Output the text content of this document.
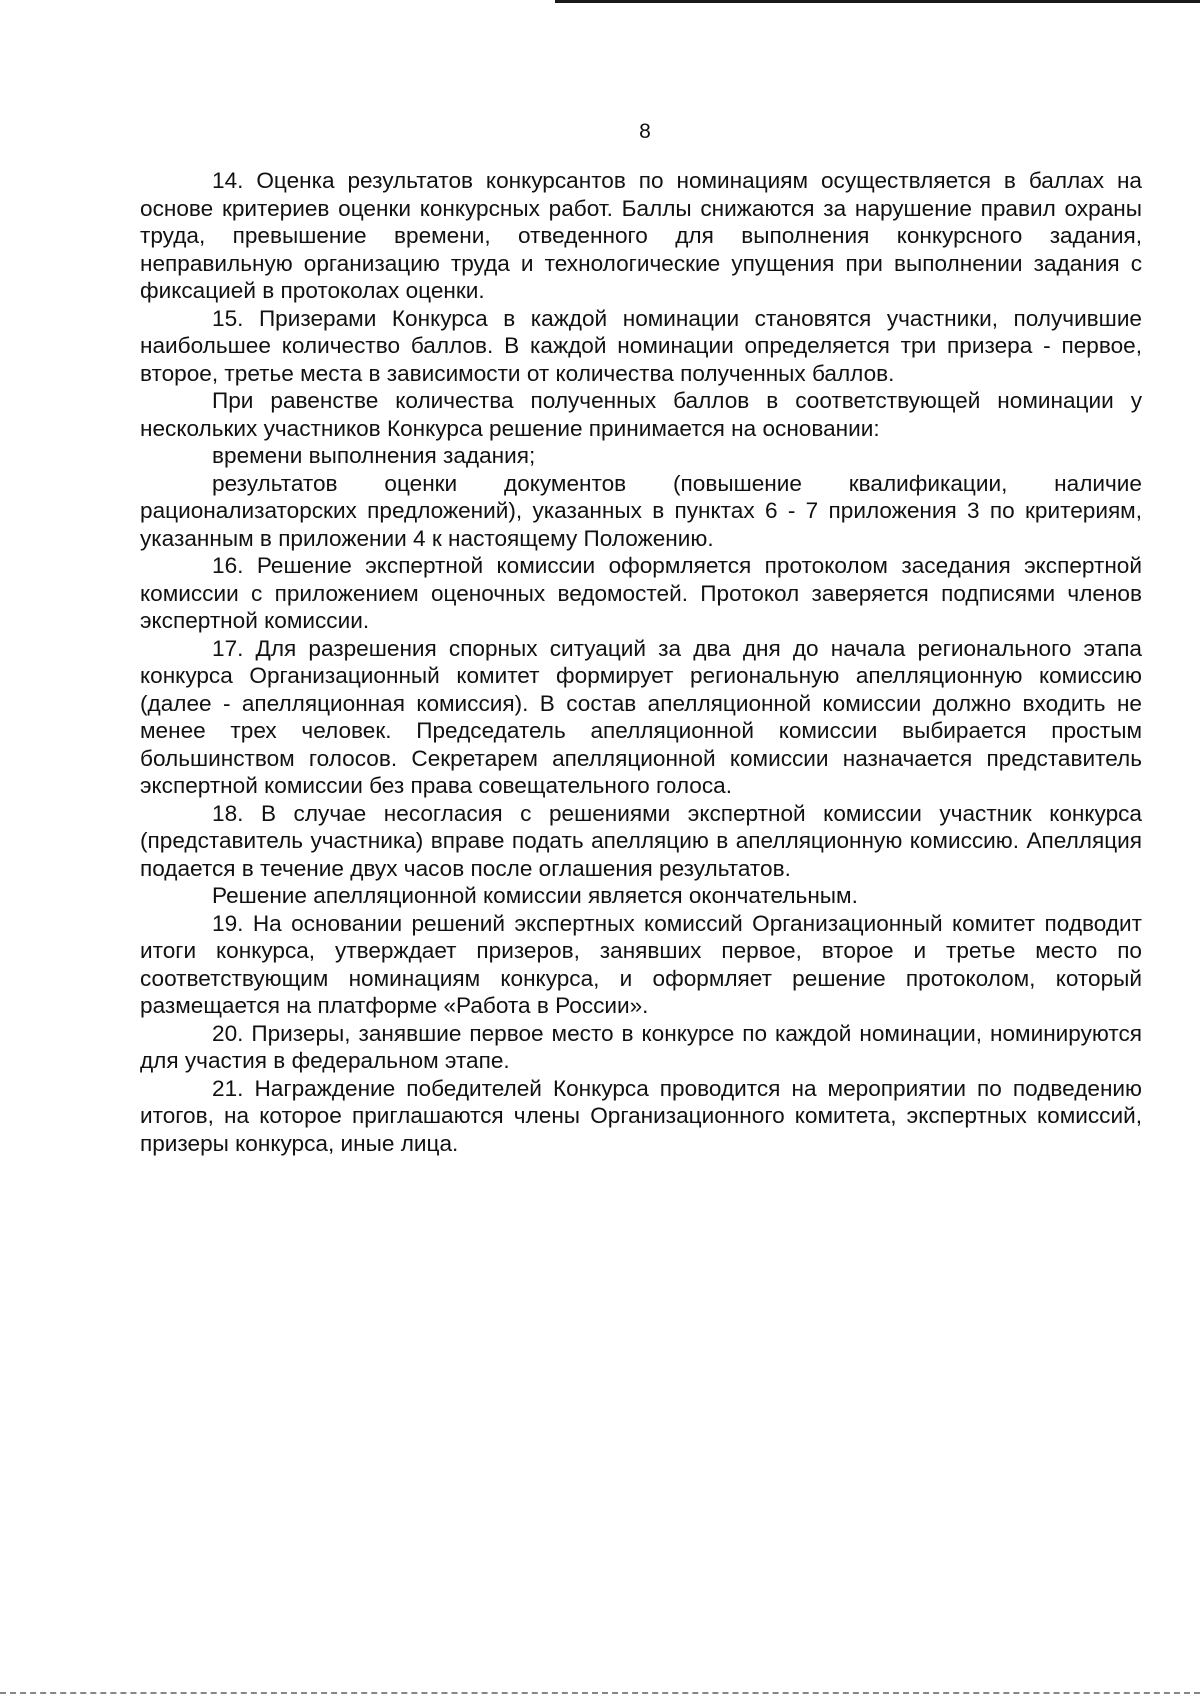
8

14. Оценка результатов конкурсантов по номинациям осуществляется в баллах на основе критериев оценки конкурсных работ. Баллы снижаются за нарушение правил охраны труда, превышение времени, отведенного для выполнения конкурсного задания, неправильную организацию труда и технологические упущения при выполнении задания с фиксацией в протоколах оценки.

15. Призерами Конкурса в каждой номинации становятся участники, получившие наибольшее количество баллов. В каждой номинации определяется три призера - первое, второе, третье места в зависимости от количества полученных баллов.

При равенстве количества полученных баллов в соответствующей номинации у нескольких участников Конкурса решение принимается на основании:

времени выполнения задания;

результатов оценки документов (повышение квалификации, наличие рационализаторских предложений), указанных в пунктах 6 - 7 приложения 3 по критериям, указанным в приложении 4 к настоящему Положению.

16. Решение экспертной комиссии оформляется протоколом заседания экспертной комиссии с приложением оценочных ведомостей. Протокол заверяется подписями членов экспертной комиссии.

17. Для разрешения спорных ситуаций за два дня до начала регионального этапа конкурса Организационный комитет формирует региональную апелляционную комиссию (далее - апелляционная комиссия). В состав апелляционной комиссии должно входить не менее трех человек. Председатель апелляционной комиссии выбирается простым большинством голосов. Секретарем апелляционной комиссии назначается представитель экспертной комиссии без права совещательного голоса.

18. В случае несогласия с решениями экспертной комиссии участник конкурса (представитель участника) вправе подать апелляцию в апелляционную комиссию. Апелляция подается в течение двух часов после оглашения результатов.

Решение апелляционной комиссии является окончательным.

19. На основании решений экспертных комиссий Организационный комитет подводит итоги конкурса, утверждает призеров, занявших первое, второе и третье место по соответствующим номинациям конкурса, и оформляет решение протоколом, который размещается на платформе «Работа в России».

20. Призеры, занявшие первое место в конкурсе по каждой номинации, номинируются для участия в федеральном этапе.

21. Награждение победителей Конкурса проводится на мероприятии по подведению итогов, на которое приглашаются члены Организационного комитета, экспертных комиссий, призеры конкурса, иные лица.
